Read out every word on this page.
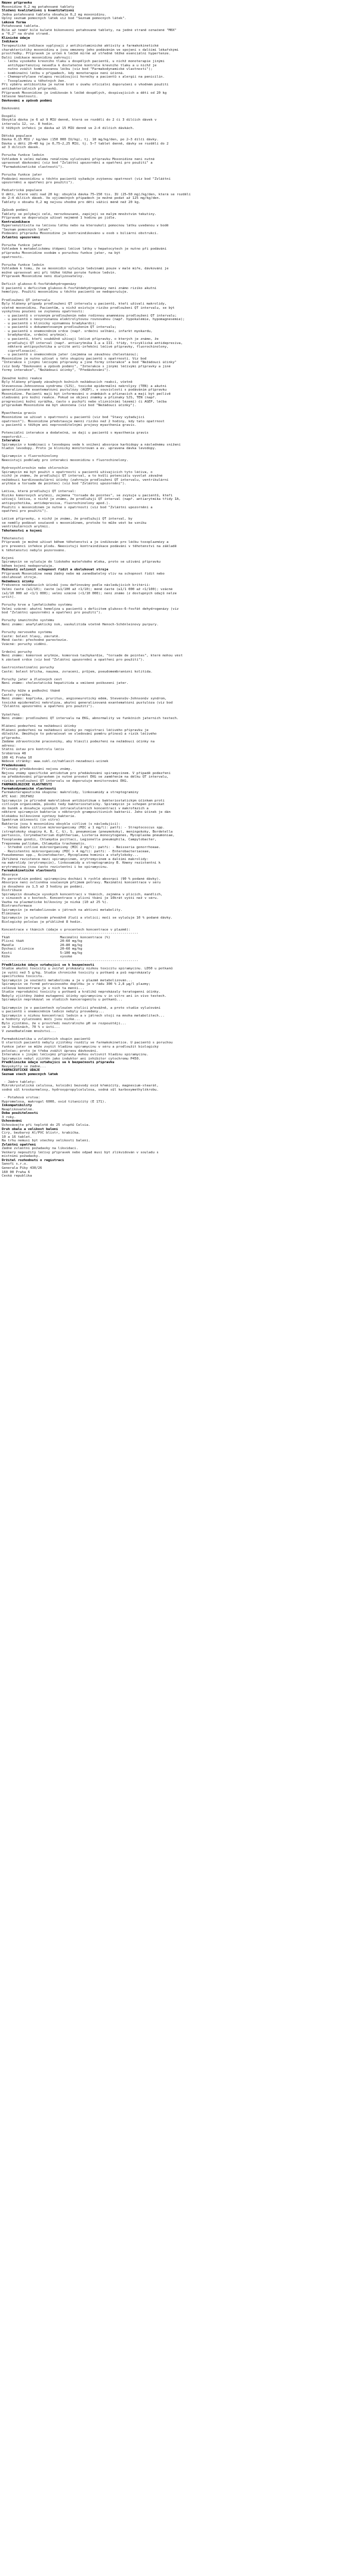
Název přípravku
Moxonidine 0,2 mg potahované tablety
Složení kvalitativní i kvantitativní
Jedna potahovaná tableta obsahuje 0,2 mg moxonidinu.
Úplný seznam pomocných látek viz bod "Seznam pomocných látek".
Léková forma
Potahovaná tableta.
Bílé až téměř bílé kulaté bikonvexní potahované tablety, na jedné straně označené "M0X"
a "0,2" na druhé straně.
Klinické údaje
Indikace
Terapeutické indikace vyplývají z antihistaminické aktivity a farmakokinetické
charakteristiky moxonidinu a jsou omezeny jeho podáváním ve spojení s dalšími lékařskými
prostředky. Přípravek je určen k léčbě mírné až středně těžké esenciální hypertenze.
Další indikace moxonidinu zahrnují:
- léčbu vysokého krevního tlaku u dospělých pacientů, u nichž monoterapie jinými
antihypertenzivy nevedla k dostatečné kontrole krevního tlaku a u nichž je
nutno zvážit kombinovanou léčbu (viz bod "Farmakodynamické vlastnosti");
- kombinační léčbu v případech, kdy monoterapie není účinná.
- Chemoprofylaxe relapsu recidivující horečky a pacientů s alergií na penicilin.
- Toxoplazmózu u těhotných žen.
Při výběru antibiotika je nutné brát v úvahu oficiální doporučení o vhodném použití
antibakteriálních přípravků.
Přípravek Moxonidine je indikován k léčbě dospělých, dospívajících a dětí od 20 kg
tělesné hmotnosti.
Dávkování a způsob podání
Dávkování
Dospělí
Obvyklá dávka je 6 až 9 MIU denně, která se rozdělí do 2 či 3 dílčích dávek v
intervalu 12, vz. 8 hodin.
U těžkých infekcí je dávka až 15 MIU denně ve 2–4 dílčích dávkách.
Dětská populace
Dávka 0,15 MIU / kg/den (150 000 IU/kg), tj. 10 mg/kg/den, po 2–3 dílčí dávky.
Dávka u dětí 20–40 kg je 0,75–2,25 MIU, tj. 5–7 tablet denně, dávky se rozdělí do 2
až 3 dílčích dávek.
Porucha funkce ledvin
Vzhledem k velmi malému renálnímu vylučování přípravku Moxonidine není nutné
upravovat dávkování (viz bod "Zvláštní upozornění a opatření pro použití" a
"Farmakokinetické vlastnosti").
Porucha funkce jater
Podávání moxonidinu u těchto pacientů vyžaduje zvýšenou opatrnost (viz bod "Zvláštní
upozornění a opatření pro použití").
Pediatrická populace
U dětí, které váží nad 20 kg: obvyklá dávka 75–150 tis. IU (25–50 mg)/kg/den, která se rozdělí
do 2–4 dílčích dávek. Ve výjimečných případech je možné podat až 125 mg/kg/den.
Tablety o obsahu 0,2 mg nejsou vhodné pro děti vážící méně než 20 kg.
Způsob podání
Tablety se polykají celé, nerozkousané, zapíjejí se malým množstvím tekutiny.
Přípravek se doporučuje užívat nejméně 1 hodinu po jídle.
Kontraindikace
Hypersenzitivita na léčivou látku nebo na kteroukoli pomocnou látku uvedenou v bodě
"Seznam pomocných látek".
Podávání přípravku Moxonidine je kontraindikováno u osob s biliární obstrukcí.
Zvláštní upozornění
Porucha funkce jater
Vzhledem k metabolickému štěpení léčivé látky v hepatocytech je nutno při podávání
přípravku Moxonidine osobám s poruchou funkce jater, na být
opatrnosti.
Porucha funkce ledvin
Vzhledem k tomu, že se moxonidin vylučuje ledvinami pouze v malé míře, dávkování je
možné upravovat ani při těžké těžké poruše funkce ledvin.
Přípravek Moxonidine není dialyzovatelný.
Deficit glukoso-6-fosfátdehydrogenázy
U pacientů s deficitem glukoso-6-fosfátdehydrogenázy není známo riziko akutní
hemolýzy. Použití moxonidinu u těchto pacientů se nedoporučuje.
Prodloužení QT intervalu
Byly hlášeny případy prodloužení QT intervalu u pacientů, kteří užívali makrolidy,
včetně moxonidinu. Pacientům, u nichž existuje riziko prodloužení QT intervalu, se být
vyskytnou poučeni se zvýšenou opatrností:
- u pacientů s vrozeným prodloužením nebo rodinnou anamnézou prodloužení QT intervalu;
- u pacientů s nevyrovnanou elektrolytovou rovnováhou (např. hypokalémie, hypomagnesémie);
- u pacientů s klinicky významnou bradykardií;
- u pacientů s dokumentovaným prodloužením QT intervalu;
- u pacientů s onemocněním srdce (např. srdeční selhání, infarkt myokardu,
bradykardie, srdeční arytmie).
- u pacientů, kteří souběžně užívají léčivé přípravky, o kterých je známo, že
prodlužují QT interval (např. antiarytmika I.a a III. třídy, tricyklická antidepresiva,
některá antipsychotika a určité anti-infekční léčivé přípravky, fluorochinolony,
ciprofloxacin).
- u pacientů s onemocněním jater (zejména se závažnou cholestázou);
Moxonidine je nutno užívat u této skupiny pacientů s opatrností. Viz bod
"Interakce s jinými léčivými přípravky a jiné formy interakce" a bod "Nežádoucí účinky"
(viz body "Dávkování a způsob podání", "Interakce s jinými léčivými přípravky a jiné
formy interakce", "Nežádoucí účinky", "Předávkování").
Závažné kožní reakce
Byly hlášeny případy závažných kožních nežádoucích reakcí, včetně
Stevensova-Johnsonova syndromu (SJS), toxické epidermální nekrolýzy (TEN) a akutní
generalizované exantematózní pustulózy (AGEP), v souvislosti s podáváním přípravku
Moxonidine. Pacienti mají být informováni o známkách a příznacích a mají být pečlivě
sledováni pro kožní reakce. Pokud se objeví známky a příznaky SJS, TEN (např.
progresivní kožní vyrážka, často s puchýři nebo slizničními lézemi) či AGEP, léčba
přípravkem Moxonidine má být ukončena (viz bod "Nežádoucí účinky").
Myasthenia gravis
Moxonidine se užívat s opatrností u pacientů (viz bod "Stavy vyžadující
opatrnost"). Moxonidine představuje menší riziko než 2 hodiny, kdy tato opatrnost
u pacientů s těžkým ani neprovoditelnými projevy myasthenia gravis.
Potenciální interakce a dodatečná, se dají u pacientů s myasthenia gravis
nepotvrdit...
Interakce
Spiramycin v kombinaci s levodopou vede k snížení absorpce karbidopy a následnému snížení
hladin levodopy. Proto je klinicky monitorován a ev. upravena dávka levodopy.
Spiramycin s fluorochinolony
Neexistují podklady pro interakci moxonidinu s fluorochinolony.
Hydroxychlorochin nebo chlorochin
Spiramycin má být použit s opatrností u pacientů užívajících tyto léčiva, o
nichž je známo, že prodlužují QT interval, a to kvůli potenciálu vyvolat závažné
nežádoucí kardiovaskulární účinky (zahrnuje prodloužení QT intervalu, ventrikulární
arytmie a torsade de pointes) (viz bod "Zvláštní upozornění").
Léčiva, která prodlužují QT interval:
Riziko komorových arytmií, zejména "torsade de pointes", se zvyšuje u pacientů, kteří
užívají léčiva, o nichž je známo, že prodlužují QT interval (např. antiarytmika třídy IA,
antipsychotika, antidepresiva, fluorochinolony apod.).
Použití s moxonidinem je nutné s opatrností (viz bod "Zvláštní upozornění a
opatření pro použití").
Léčivé přípravky, o nichž je známo, že prodlužují QT interval, by
se neměly podávat současně s moxonidinem, protože to může vést ke vzniku
ventrikulárních arytmií.
Těhotenství a kojení
Těhotenství
Přípravek je možné užívat během těhotenství a je indikován pro léčbu toxoplazmózy a
pro prevenci infekce plodu. Neexistují kontraindikace podávání v těhotenství na základě
k těhotenství nebylo pozorováno.
Kojení
Spiramycin se vylučuje do lidského mateřského mléka, proto se užívání přípravku
během kojení nedoporučuje.
Možnosti ovlivnit schopnost řídit a obsluhovat stroje
Přípravek Moxonidine nemá žádný nebo má zanedbatelný vliv na schopnost řídit nebo
obsluhovat stroje.
Nežádoucí účinky
Frekvence nežádoucích účinků jsou definovány podle následujících kritérií:
Velmi časté (≥1/10); časté (≥1/100 až <1/10); méně časté (≥1/1 000 až <1/100); vzácné
(≥1/10 000 až <1/1 000); velmi vzácné (<1/10 000); není známo (z dostupných údajů nelze
určit).
Poruchy krve a lymfatického systému
Velmi vzácné: akutní hemolýza u pacientů s deficitem glukoso-6-fosfát dehydrogenázy (viz
bod "Zvláštní upozornění a opatření pro použití").
Poruchy imunitního systému
Není známo: anafylaktický šok, vaskulitida včetně Henoch-Schönleinovy purpury.
Poruchy nervového systému
Časté: bolest hlavy, závratě.
Méně časté: přechodné parestezie.
Vzácné: poruchy vidění.
Srdeční poruchy
Není známo: komorové arytmie, komorová tachykardie, "torsade de pointes", které mohou vést
k zástavě srdce (viz bod "Zvláštní upozornění a opatření pro použití").
Gastrointestinální poruchy
Časté: bolest břicha, nauzea, zvracení, průjem, pseudomembranózní kolitida.
Poruchy jater a žlučových cest
Není známo: cholestatická hepatitida a smíšené poškození jater.
Poruchy kůže a podkožní tkáně
Časté: vyrážka.
Není známo: kopřivka, pruritus, angioneurotický edém, Stevensův-Johnsonův syndrom,
toxická epidermální nekrolýza, akutní generalizovaná exantematózní pustulóza (viz bod
"Zvláštní upozornění a opatření pro použití").
Vyšetření
Není známo: prodloužení QT intervalu na EKG, abnormality ve funkčních jaterních testech.
Hlášení podezření na nežádoucí účinky
Hlášení podezření na nežádoucí účinky po registraci léčivého přípravku je
důležité. Umožňuje to pokračovat ve sledování poměru přínosů a rizik léčivého
přípravku.
Žádáme zdravotnické pracovníky, aby hlásili podezření na nežádoucí účinky na
adresu:
Státní ústav pro kontrolu léčiv
Šrobárova 48
100 41 Praha 10
Webové stránky: www.sukl.cz/nahlasit-nezadouci-ucinek
Předávkování
Příznaky předávkování nejsou známy.
Nejsou známy specifické antidotum pro předávkování spiramycinem. V případě podezření
na předávkování přípravkem je nutné provést EKG se zaměřením na délku QT intervalu,
riziko prodloužení QT intervalu se doporučuje monitorování EKG.
FARMAKOLOGICKÉ VLASTNOSTI
Farmakodynamické vlastnosti
Farmakoterapeutická skupina: makrolidy, linkosamidy a streptograminy
ATC kód: J01FA02
Spiramycin je přírodně makrolidové antibiotikum s bakteriostatickým účinkem proti
citlivým organismům, působí tedy bakteriostaticky. Spiramycin je schopen pronikat
do buněk a dosahuje vysokých intracelulárních koncentrací v makrofázích a
některé spiramycin bakterie v některých grampozitivních bakterií. Jeho účinek je dán
blokádou bílkovinné syntézy bakterie.
Spektrum účinnosti (in vitro)
Bakterie jsou k moxonidinu obvykle citlivé (s následující):
- Velmi dobře citlivé mikroorganismy (MIC ≤ 1 mg/l): patří: - Streptococcus spp.
(streptokoky skupiny A, B, C, G), S. pneumoniae (pneumokoky), meningokoky, Bordetella
pertussis, Corynebacterium diphtheriae, Listeria monocytogenes, Mycoplasma pneumoniae,
Toxoplasma gondii, Chlamydia psittaci, Legionella pneumophila, Campylobacter,
Treponema pallidum, Chlamydia trachomatis.
- Středně citlivé mikroorganismy (MIC 2 mg/l): patří: - Neisseria gonorrhoeae.
- Rezistentní mikroorganismy (MIC > 4 mg/l): patří: - Enterobacteriaceae,
Pseudomonas spp., Acinetobacter, Mycoplasma hominis a stafylokoky...
Zkřížená rezistence mezi spiramycinem, erytromycinem a dalšími makrolidy:
na makrolidy (erytromycin), linkosamidy a streptograminy B. Kmeny rezistentní k
erytromycinu jsou často rezistentní i ke spiramycinu.
Farmakokinetické vlastnosti
Absorpce
Po perorálním podání spiramycinu dochází k rychlé absorpci (90 % podané dávky).
Absorpce není ovlivněna současným příjmem potravy. Maximální koncentrace v séru
je dosaženo za 1,5 až 3 hodiny po podání.
Distribuce
Spiramycin dosahuje vysokých koncentrací v tkáních, zejména v plicích, mandlích,
v sinusech a v kostech. Koncentrace v plicní tkáni je 10krát vyšší než v séru.
Vazba na plazmatické bílkoviny je nízká (10 až 25 %).
Biotransformace
Spiramycin je metabolizován v játrech na aktivní metabolity.
Eliminace
Spiramycin je vylučován převážně žlučí a stolicí; močí se vylučuje 10 % podané dávky.
Biologický poločas je přibližně 8 hodin.
Koncentrace v tkáních (údaje v procentech koncentrace v plazmě):
--------------------------------------------------------------------
Tkáň                         Maximální koncentrace (%)
Plicní tkáň                  20–60 mg/kg
Mandle                       20–80 mg/kg
Dýchací sliznice             20–60 mg/kg
Kosti                        5–100 mg/kg
Kůže                         vysoké
--------------------------------------------------------------------
Předklinické údaje vztahující se k bezpečnosti
Studie akutní toxicity u zvířat prokázaly nízkou toxicitu spiramycinu. LD50 u potkanů
je vyšší než 5 g/kg. Studie chronické toxicity u potkanů a psů neprokázaly
specifickou toxicitu.
Spiramycin je součástí metabolismu a je v plazmě metabolizován...
Spiramycin ve formě potravinového doplňku je v řádu 300 % 2,8 µg/l plazmy;
celková koncentrace je v nich ta menší...
Studie reprodukční toxicity u potkanů a králíků neprokázaly teratogenní účinky.
Nebyly zjištěny žádné mutagenní účinky spiramycinu v in vitro ani in vivo testech.
Spiramycin neprokázal ve studiích kancerogenitu u potkanů...
Spiramycin je v pacientech vyloučen stolicí převážně, a proto studie vylučování
u pacientů s onemocněním ledvin nebyly provedeny...
Spiramycin s nízkou koncentrací ledvin a v játrech stojí na mnoha metabolitech...
a hodnoty vylučování močí jsou nízké...
Bylo zjištěno, že v prostředí neutrálního pH se rozpouštějí...
ve 2 hodinách, 70 % v ústí...
V zanedbatelném množství...
Farmakokinetika u zvláštních skupin pacientů
U starších pacientů nebyly zjištěny rozdíly ve farmakokinetice. U pacientů s poruchou
funkce jater se může zvýšit hladina spiramycinu v séru a prodloužit biologický
poločas; proto je třeba zvážit úpravu dávkování.
Interakce s jinými léčivými přípravky mohou ovlivnit hladinu spiramycinu.
Spiramycin nebyl zjištěn jako induktor ani inhibitor cytochromu P450.
Předklinické údaje vztahující se k bezpečnosti přípravku
Nevyskytly se žádné...
FARMACEUTICKÉ ÚDAJE
Seznam všech pomocných látek
- Jádro tablety:
Mikrokrystalická celulosa, koloidní bezvodý oxid křemičitý, magnesium-stearát,
sodná sůl kroskarmelosy, hydroxypropylcelulosa, sodná sůl karboxymethylškrobu.
- Potahová vrstva:
Hypromelosa, makrogol 6000, oxid titaničitý (E 171).
Inkompatibility
Neaplikovatelné.
Doba použitelnosti
3 roky.
Uchovávání
Uchovávejte při teplotě do 25 stupňů Celsia.
Druh obalu a velikost balení
Čirý, bezbarvý Al/PVC blistr, krabička.
10 a 16 tablet.
Na trhu nemusí být všechny velikosti balení.
Zvláštní opatření
Žádné zvláštní požadavky na likvidaci.
Veškerý nepoužitý léčivý přípravek nebo odpad musí být zlikvidován v souladu s
místními požadavky.
Držitel rozhodnutí o registraci
Sanofi s.r.o.
Generala Píky 430/26
160 00 Praha 6
Česká republika
